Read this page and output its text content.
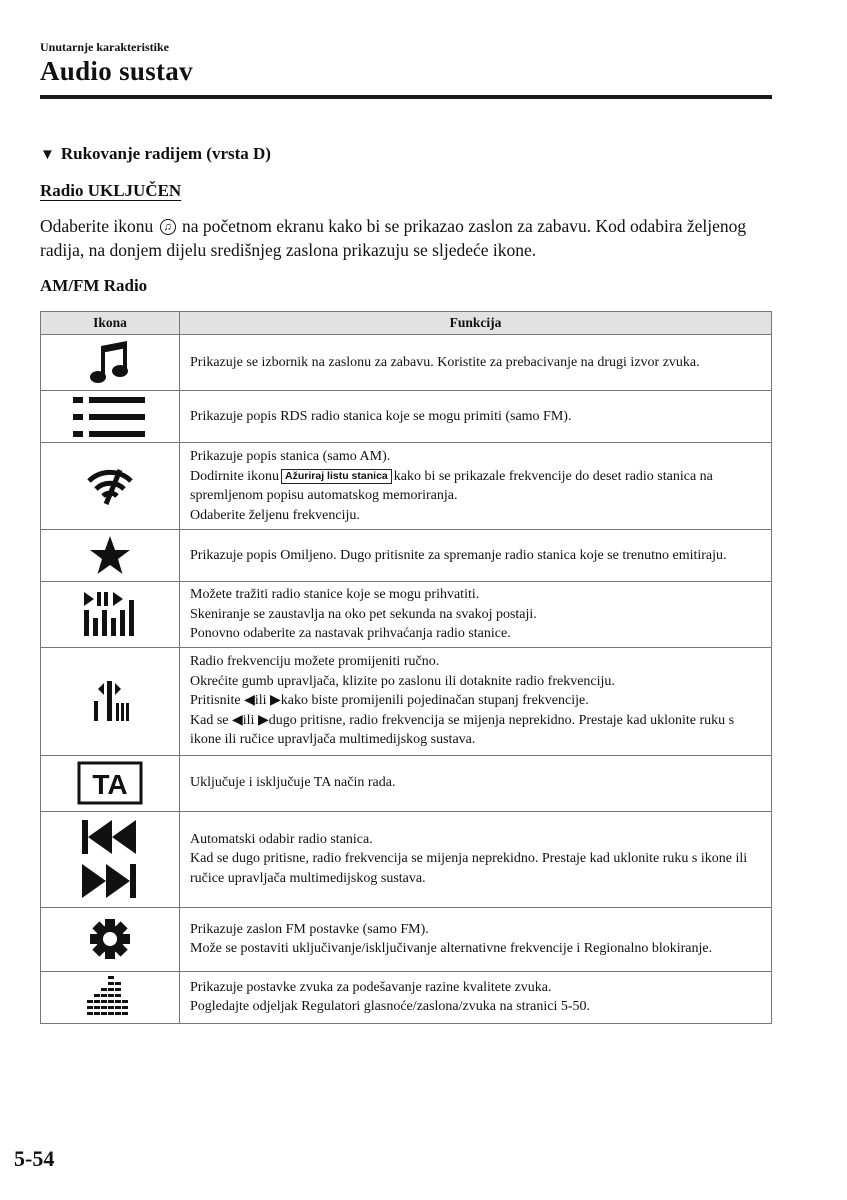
Unutarnje karakteristike
Audio sustav
▼ Rukovanje radijem (vrsta D)
Radio UKLJUČEN
Odaberite ikonu ♫ na početnom ekranu kako bi se prikazao zaslon za zabavu. Kod odabira željenog radija, na donjem dijelu središnjeg zaslona prikazuju se sljedeće ikone.
AM/FM Radio
Ikona	Funkcija

	Prikazuje se izbornik na zaslonu za zabavu. Koristite za prebacivanje na drugi izvor zvuka.

	Prikazuje popis RDS radio stanica koje se mogu primiti (samo FM).

Prikazuje popis stanica (samo AM).
Dodirnite ikonu Ažuriraj listu stanica kako bi se prikazale frekvencije do deset radio stanica na spremljenom popisu automatskog memoriranja.
Odaberite željenu frekvenciju.

	Prikazuje popis Omiljeno. Dugo pritisnite za spremanje radio stanica koje se trenutno emitiraju.

Možete tražiti radio stanice koje se mogu prihvatiti.
Skeniranje se zaustavlja na oko pet sekunda na svakoj postaji.
Ponovno odaberite za nastavak prihvaćanja radio stanice.

Radio frekvenciju možete promijeniti ručno.
Okrećite gumb upravljača, klizite po zaslonu ili dotaknite radio frekvenciju.
Pritisnite ◀ili ▶kako biste promijenili pojedinačan stupanj frekvencije.
Kad se ◀ili ▶dugo pritisne, radio frekvencija se mijenja neprekidno. Prestaje kad uklonite ruku s ikone ili ručice upravljača multimedijskog sustava.

TA	Uključuje i isključuje TA način rada.

Automatski odabir radio stanica.
Kad se dugo pritisne, radio frekvencija se mijenja neprekidno. Prestaje kad uklonite ruku s ikone ili ručice upravljača multimedijskog sustava.

Prikazuje zaslon FM postavke (samo FM).
Može se postaviti uključivanje/isključivanje alternativne frekvencije i Regionalno blokiranje.

Prikazuje postavke zvuka za podešavanje razine kvalitete zvuka.
Pogledajte odjeljak Regulatori glasnoće/zaslona/zvuka na stranici 5-50.
5-54
